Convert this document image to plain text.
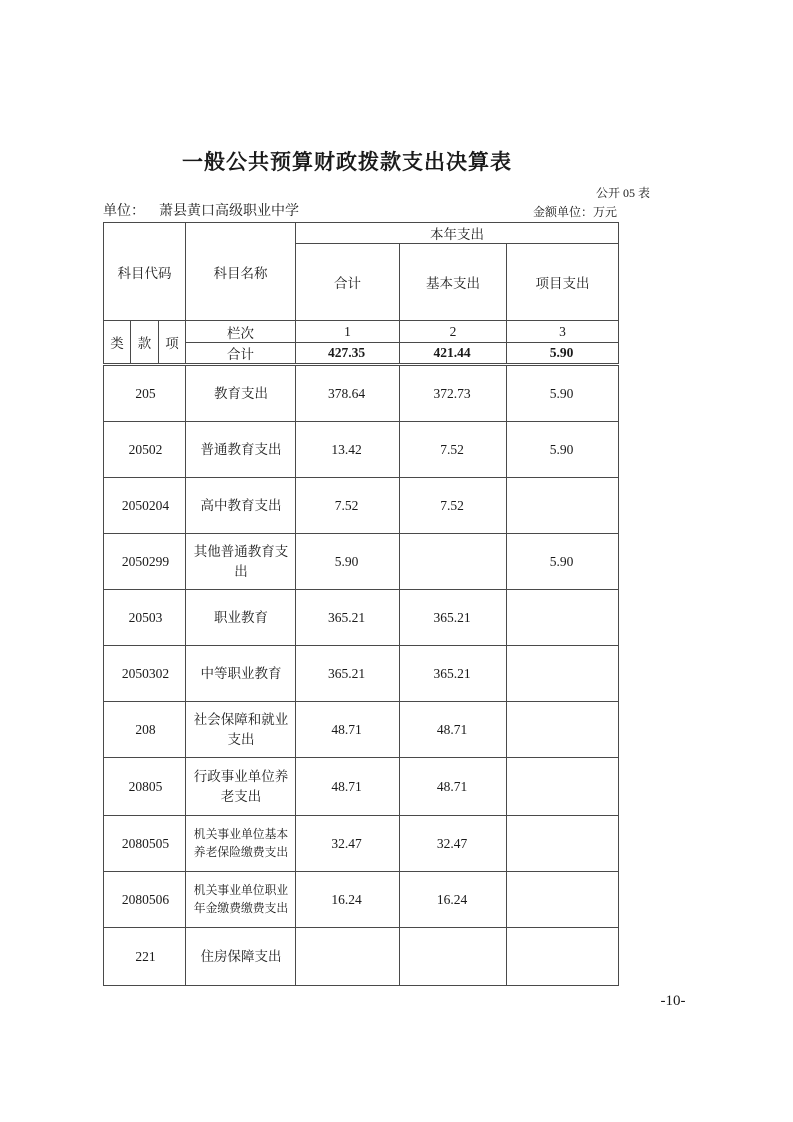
一般公共预算财政拨款支出决算表
公开 05 表
单位： 萧县黄口高级职业中学	金额单位：万元
科目代码			科目名称	本年支出		
				合计	基本支出	项目支出
类	款	项	栏次	1	2	3
			合计	427.35	421.44	5.90
205	教育支出	378.64	372.73	5.90
20502	普通教育支出	13.42	7.52	5.90
2050204	高中教育支出	7.52	7.52	
2050299	其他普通教育支出	5.90		5.90
20503	职业教育	365.21	365.21	
2050302	中等职业教育	365.21	365.21	
208	社会保障和就业支出	48.71	48.71	
20805	行政事业单位养老支出	48.71	48.71	
2080505	机关事业单位基本养老保险缴费支出	32.47	32.47	
2080506	机关事业单位职业年金缴费缴费支出	16.24	16.24	
221	住房保障支出			
-10-
